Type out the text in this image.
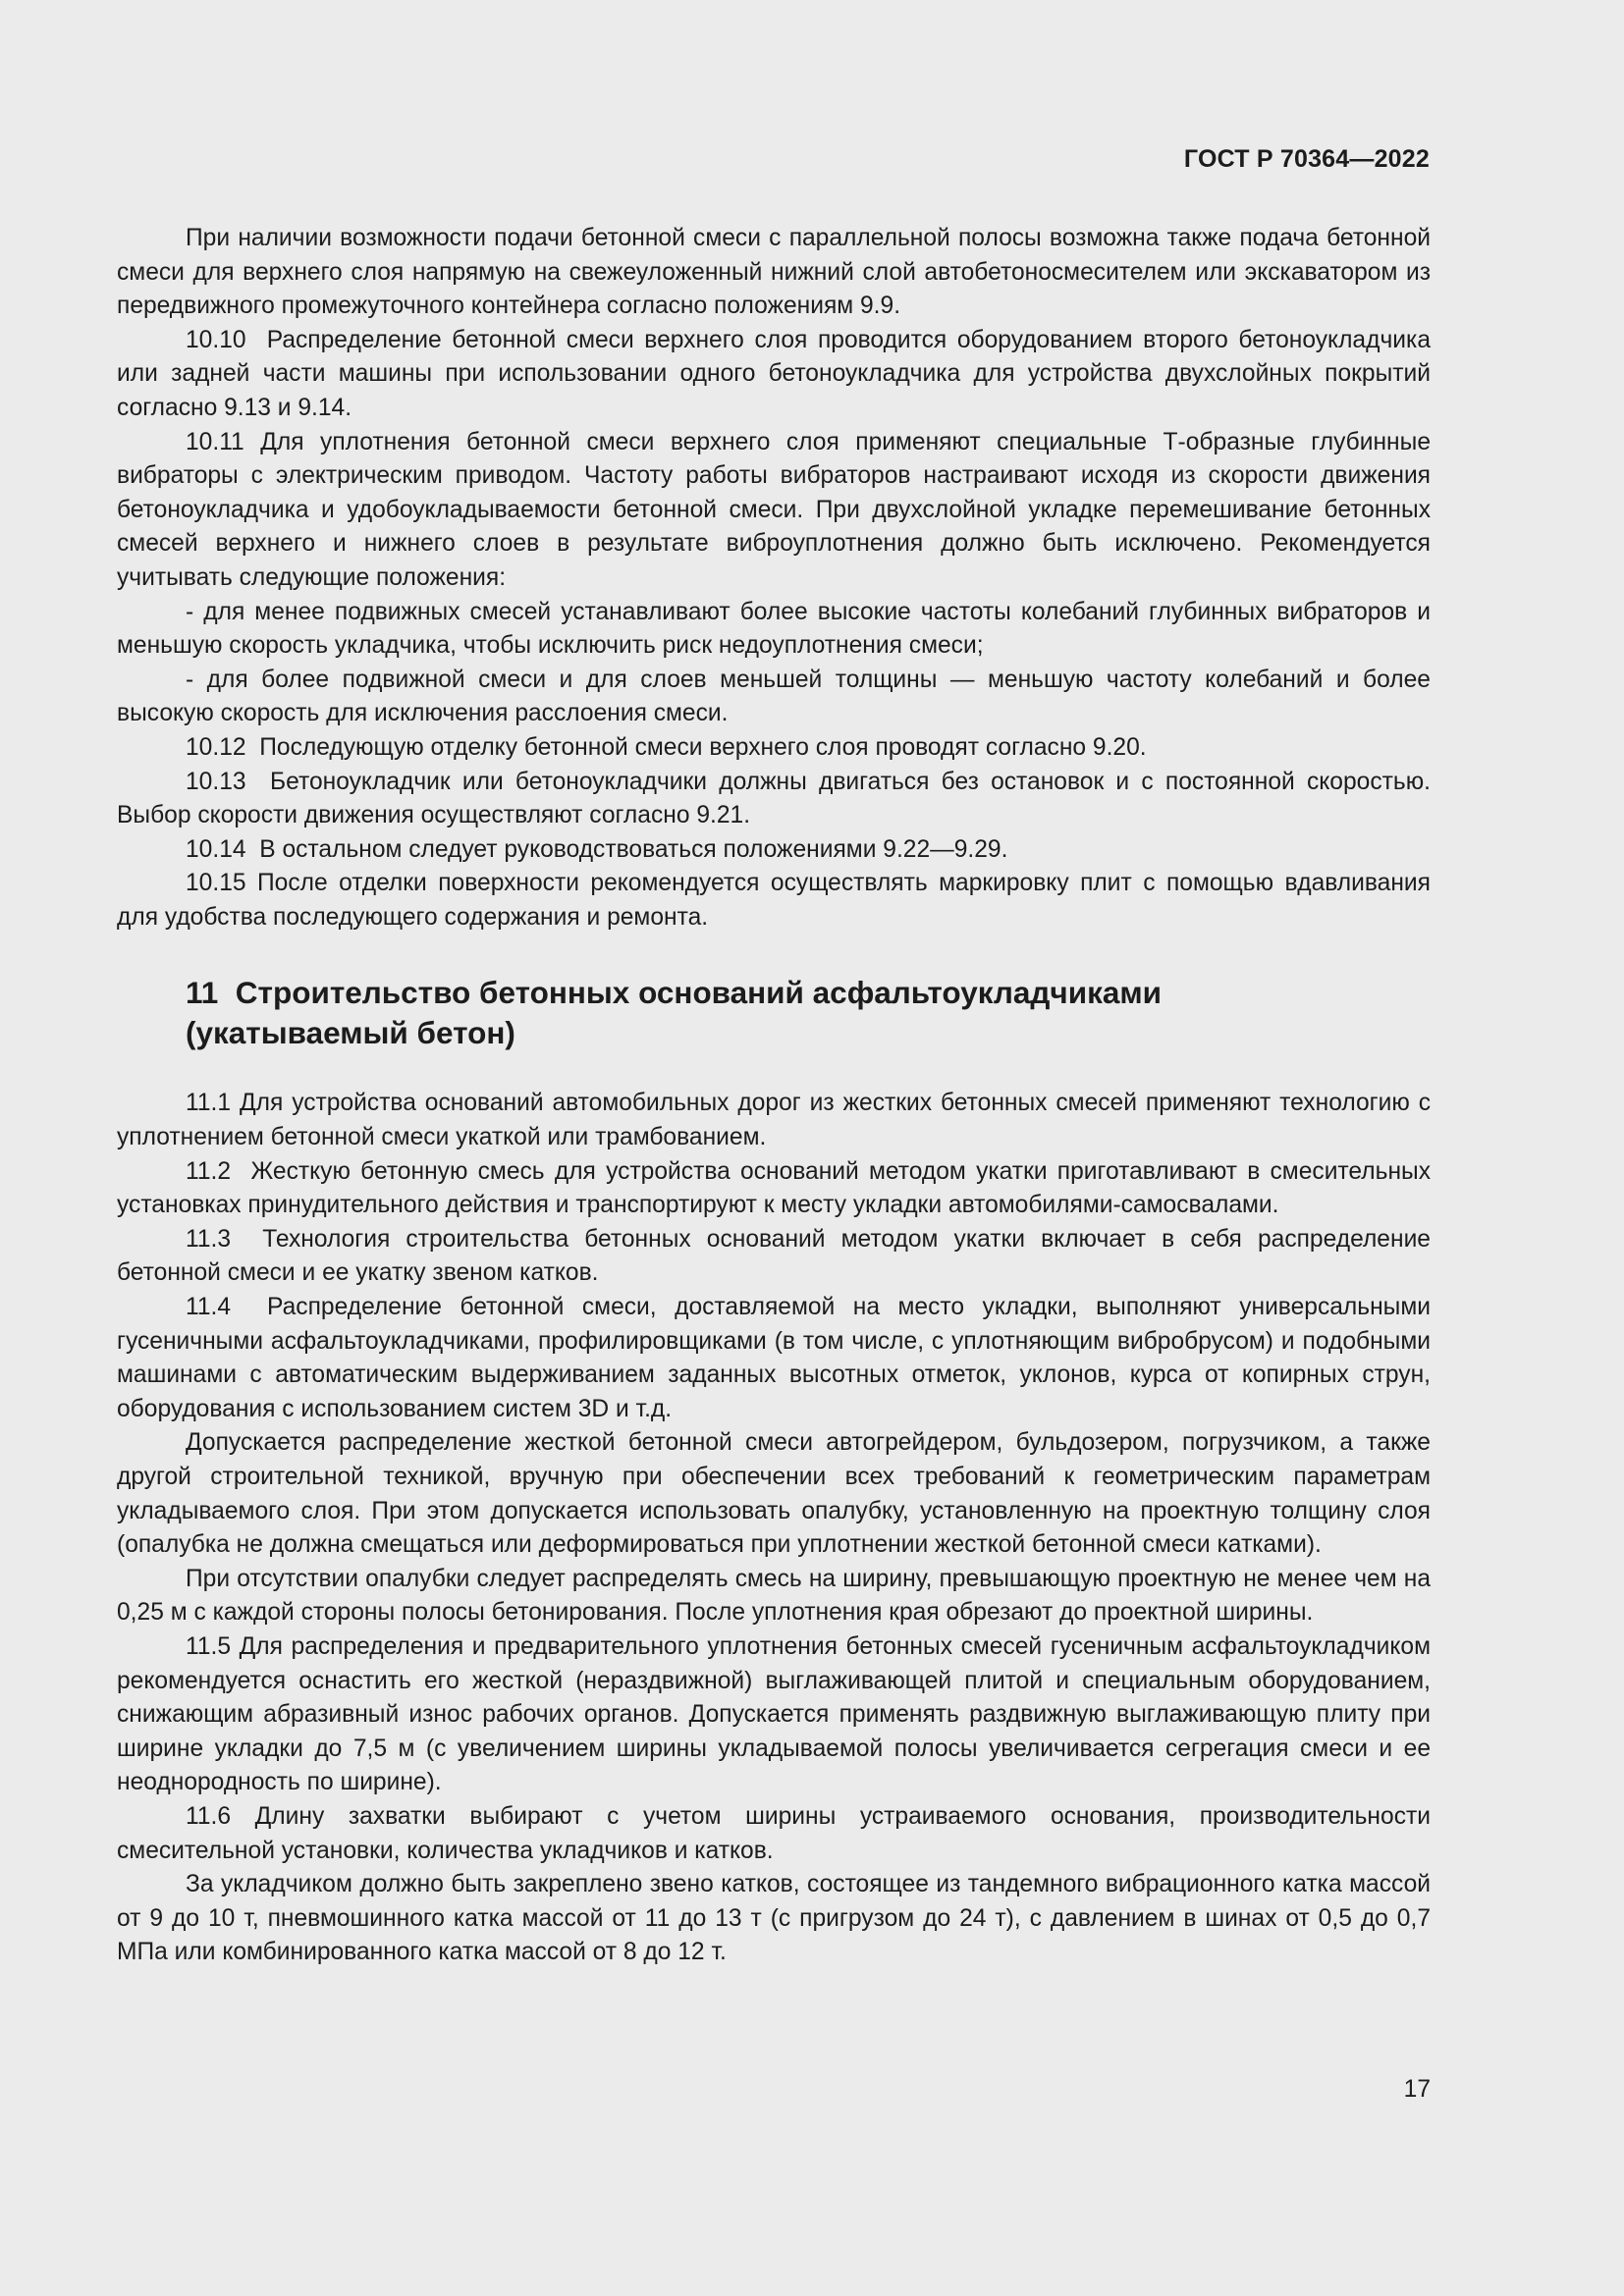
ГОСТ Р 70364—2022

При наличии возможности подачи бетонной смеси с параллельной полосы возможна также подача бетонной смеси для верхнего слоя напрямую на свежеуложенный нижний слой автобетоносмесителем или экскаватором из передвижного промежуточного контейнера согласно положениям 9.9.

10.10  Распределение бетонной смеси верхнего слоя проводится оборудованием второго бетоноукладчика или задней части машины при использовании одного бетоноукладчика для устройства двухслойных покрытий согласно 9.13 и 9.14.

10.11 Для уплотнения бетонной смеси верхнего слоя применяют специальные Т-образные глубинные вибраторы с электрическим приводом. Частоту работы вибраторов настраивают исходя из скорости движения бетоноукладчика и удобоукладываемости бетонной смеси. При двухслойной укладке перемешивание бетонных смесей верхнего и нижнего слоев в результате виброуплотнения должно быть исключено. Рекомендуется учитывать следующие положения:

- для менее подвижных смесей устанавливают более высокие частоты колебаний глубинных вибраторов и меньшую скорость укладчика, чтобы исключить риск недоуплотнения смеси;

- для более подвижной смеси и для слоев меньшей толщины — меньшую частоту колебаний и более высокую скорость для исключения расслоения смеси.

10.12  Последующую отделку бетонной смеси верхнего слоя проводят согласно 9.20.

10.13  Бетоноукладчик или бетоноукладчики должны двигаться без остановок и с постоянной скоростью. Выбор скорости движения осуществляют согласно 9.21.

10.14  В остальном следует руководствоваться положениями 9.22—9.29.

10.15 После отделки поверхности рекомендуется осуществлять маркировку плит с помощью вдавливания для удобства последующего содержания и ремонта.

11  Строительство бетонных оснований асфальтоукладчиками
(укатываемый бетон)

11.1 Для устройства оснований автомобильных дорог из жестких бетонных смесей применяют технологию с уплотнением бетонной смеси укаткой или трамбованием.

11.2  Жесткую бетонную смесь для устройства оснований методом укатки приготавливают в смесительных установках принудительного действия и транспортируют к месту укладки автомобилями-самосвалами.

11.3  Технология строительства бетонных оснований методом укатки включает в себя распределение бетонной смеси и ее укатку звеном катков.

11.4  Распределение бетонной смеси, доставляемой на место укладки, выполняют универсальными гусеничными асфальтоукладчиками, профилировщиками (в том числе, с уплотняющим вибробрусом) и подобными машинами с автоматическим выдерживанием заданных высотных отметок, уклонов, курса от копирных струн, оборудования с использованием систем 3D и т.д.

Допускается распределение жесткой бетонной смеси автогрейдером, бульдозером, погрузчиком, а также другой строительной техникой, вручную при обеспечении всех требований к геометрическим параметрам укладываемого слоя. При этом допускается использовать опалубку, установленную на проектную толщину слоя (опалубка не должна смещаться или деформироваться при уплотнении жесткой бетонной смеси катками).

При отсутствии опалубки следует распределять смесь на ширину, превышающую проектную не менее чем на 0,25 м с каждой стороны полосы бетонирования. После уплотнения края обрезают до проектной ширины.

11.5 Для распределения и предварительного уплотнения бетонных смесей гусеничным асфальтоукладчиком рекомендуется оснастить его жесткой (нераздвижной) выглаживающей плитой и специальным оборудованием, снижающим абразивный износ рабочих органов. Допускается применять раздвижную выглаживающую плиту при ширине укладки до 7,5 м (с увеличением ширины укладываемой полосы увеличивается сегрегация смеси и ее неоднородность по ширине).

11.6 Длину захватки выбирают с учетом ширины устраиваемого основания, производительности смесительной установки, количества укладчиков и катков.

За укладчиком должно быть закреплено звено катков, состоящее из тандемного вибрационного катка массой от 9 до 10 т, пневмошинного катка массой от 11 до 13 т (с пригрузом до 24 т), с давлением в шинах от 0,5 до 0,7 МПа или комбинированного катка массой от 8 до 12 т.

17
